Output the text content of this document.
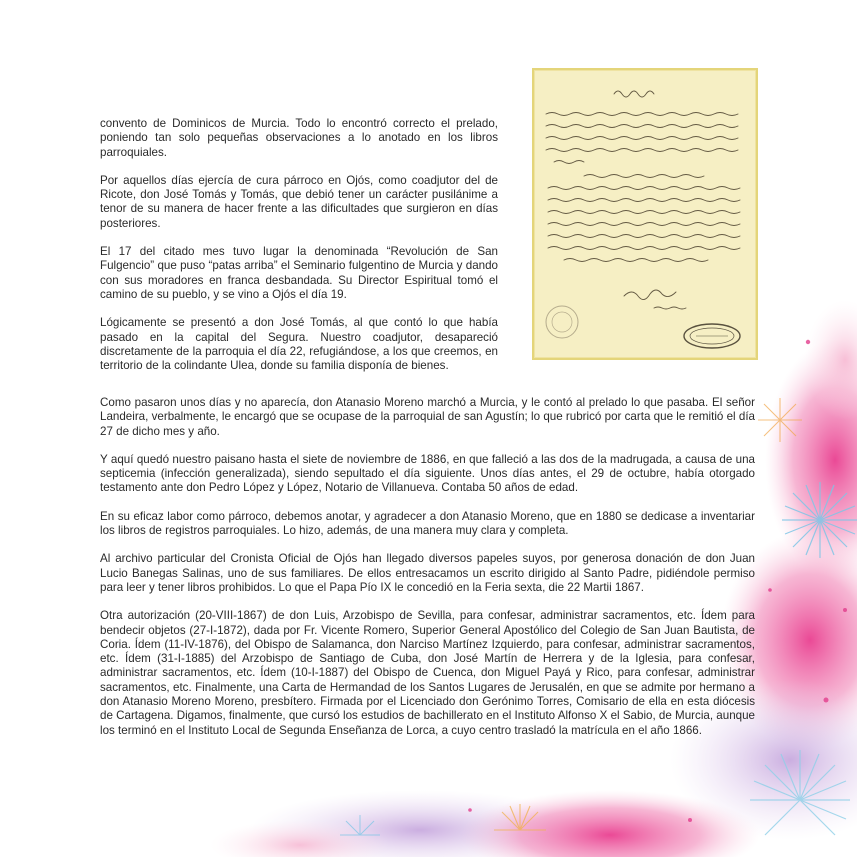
convento de Dominicos de Murcia. Todo lo encontró correcto el prelado, poniendo tan solo pequeñas observaciones a lo anotado en los libros parroquiales.

Por aquellos días ejercía de cura párroco en Ojós, como coadjutor del de Ricote, don José Tomás y Tomás, que debió tener un carácter pusilánime a tenor de su manera de hacer frente a las dificultades que surgieron en días posteriores.

El 17 del citado mes tuvo lugar la denominada “Revolución de San Fulgencio” que puso “patas arriba” el Seminario fulgentino de Murcia y dando con sus moradores en franca desbandada. Su Director Espiritual tomó el camino de su pueblo, y se vino a Ojós el día 19.

Lógicamente se presentó a don José Tomás, al que contó lo que había pasado en la capital del Segura. Nuestro coadjutor, desapareció discretamente de la parroquia el día 22, refugiándose, a los que creemos, en territorio de la colindante Ulea, donde su familia disponía de bienes.

Como pasaron unos días y no aparecía, don Atanasio Moreno marchó a Murcia, y le contó al prelado lo que pasaba. El señor Landeira, verbalmente, le encargó que se ocupase de la parroquial de san Agustín; lo que rubricó por carta que le remitió el día 27 de dicho mes y año.

Y aquí quedó nuestro paisano hasta el siete de noviembre de 1886, en que falleció a las dos de la madrugada, a causa de una septicemia (infección generalizada), siendo sepultado el día siguiente. Unos días antes, el 29 de octubre, había otorgado testamento ante don Pedro López y López, Notario de Villanueva. Contaba 50 años de edad.

En su eficaz labor como párroco, debemos anotar, y agradecer a don Atanasio Moreno, que en 1880 se dedicase a inventariar los libros de registros parroquiales. Lo hizo, además, de una manera muy clara y completa.

Al archivo particular del Cronista Oficial de Ojós han llegado diversos papeles suyos, por generosa donación de don Juan Lucio Banegas Salinas, uno de sus familiares. De ellos entresacamos un escrito dirigido al Santo Padre, pidiéndole permiso para leer y tener libros prohibidos. Lo que el Papa Pío IX le concedió en la Feria sexta, die 22 Martii 1867.

Otra autorización (20-VIII-1867) de don Luis, Arzobispo de Sevilla, para confesar, administrar sacramentos, etc. Ídem para bendecir objetos (27-I-1872), dada por Fr. Vicente Romero, Superior General Apostólico del Colegio de San Juan Bautista, de Coria. Ídem (11-IV-1876), del Obispo de Salamanca, don Narciso Martínez Izquierdo, para confesar, administrar sacramentos, etc. Ídem (31-I-1885) del Arzobispo de Santiago de Cuba, don José Martín de Herrera y de la Iglesia, para confesar, administrar sacramentos, etc. Ídem (10-I-1887) del Obispo de Cuenca, don Miguel Payá y Rico, para confesar, administrar sacramentos, etc. Finalmente, una Carta de Hermandad de los Santos Lugares de Jerusalén, en que se admite por hermano a don Atanasio Moreno Moreno, presbítero. Firmada por el Licenciado don Gerónimo Torres, Comisario de ella en esta diócesis de Cartagena. Digamos, finalmente, que cursó los estudios de bachillerato en el Instituto Alfonso X el Sabio, de Murcia, aunque los terminó en el Instituto Local de Segunda Enseñanza de Lorca, a cuyo centro trasladó la matrícula en el año 1866.
